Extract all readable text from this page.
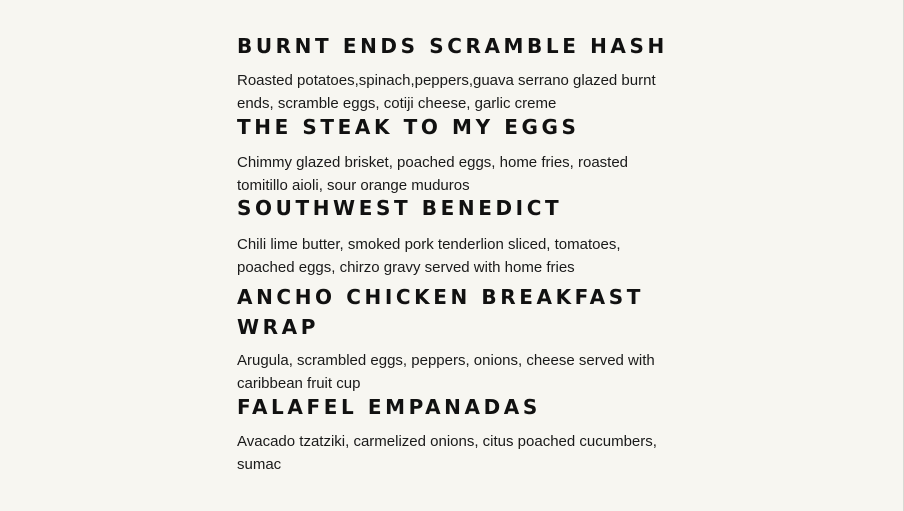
BURNT ENDS SCRAMBLE HASH

Roasted potatoes,spinach,peppers,guava serrano glazed burnt ends, scramble eggs, cotiji cheese, garlic creme

THE STEAK TO MY EGGS

Chimmy glazed brisket, poached eggs, home fries, roasted tomitillo aioli, sour orange muduros

SOUTHWEST BENEDICT

Chili lime butter, smoked pork tenderlion sliced, tomatoes, poached eggs, chirzo gravy served with home fries

ANCHO CHICKEN BREAKFAST WRAP

Arugula, scrambled eggs, peppers, onions, cheese served with caribbean fruit cup

FALAFEL EMPANADAS

Avacado tzatziki, carmelized onions, citus poached cucumbers, sumac
